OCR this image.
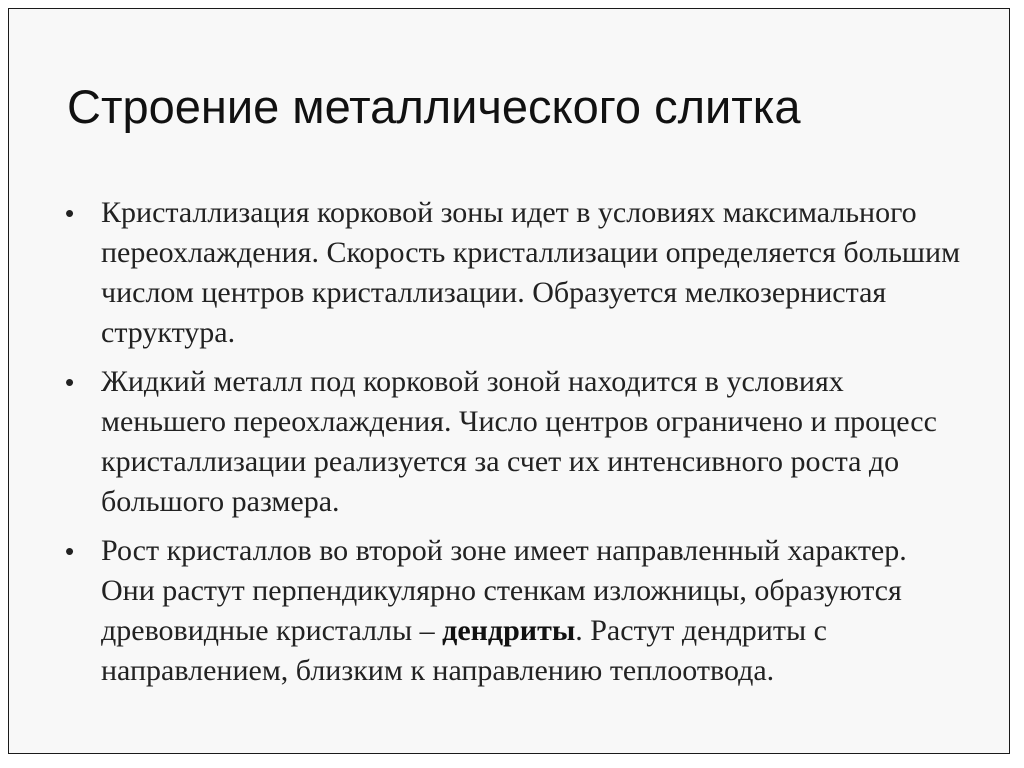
Строение металлического слитка
• Кристаллизация корковой зоны идет в условиях максимального переохлаждения. Скорость кристаллизации определяется большим числом центров кристаллизации. Образуется мелкозернистая структура.
• Жидкий металл под корковой зоной находится в условиях меньшего переохлаждения. Число центров ограничено и процесс кристаллизации реализуется за счет их интенсивного роста до большого размера.
• Рост кристаллов во второй зоне имеет направленный характер. Они растут перпендикулярно стенкам изложницы, образуются древовидные кристаллы – дендриты. Растут дендриты с направлением, близким к направлению теплоотвода.
